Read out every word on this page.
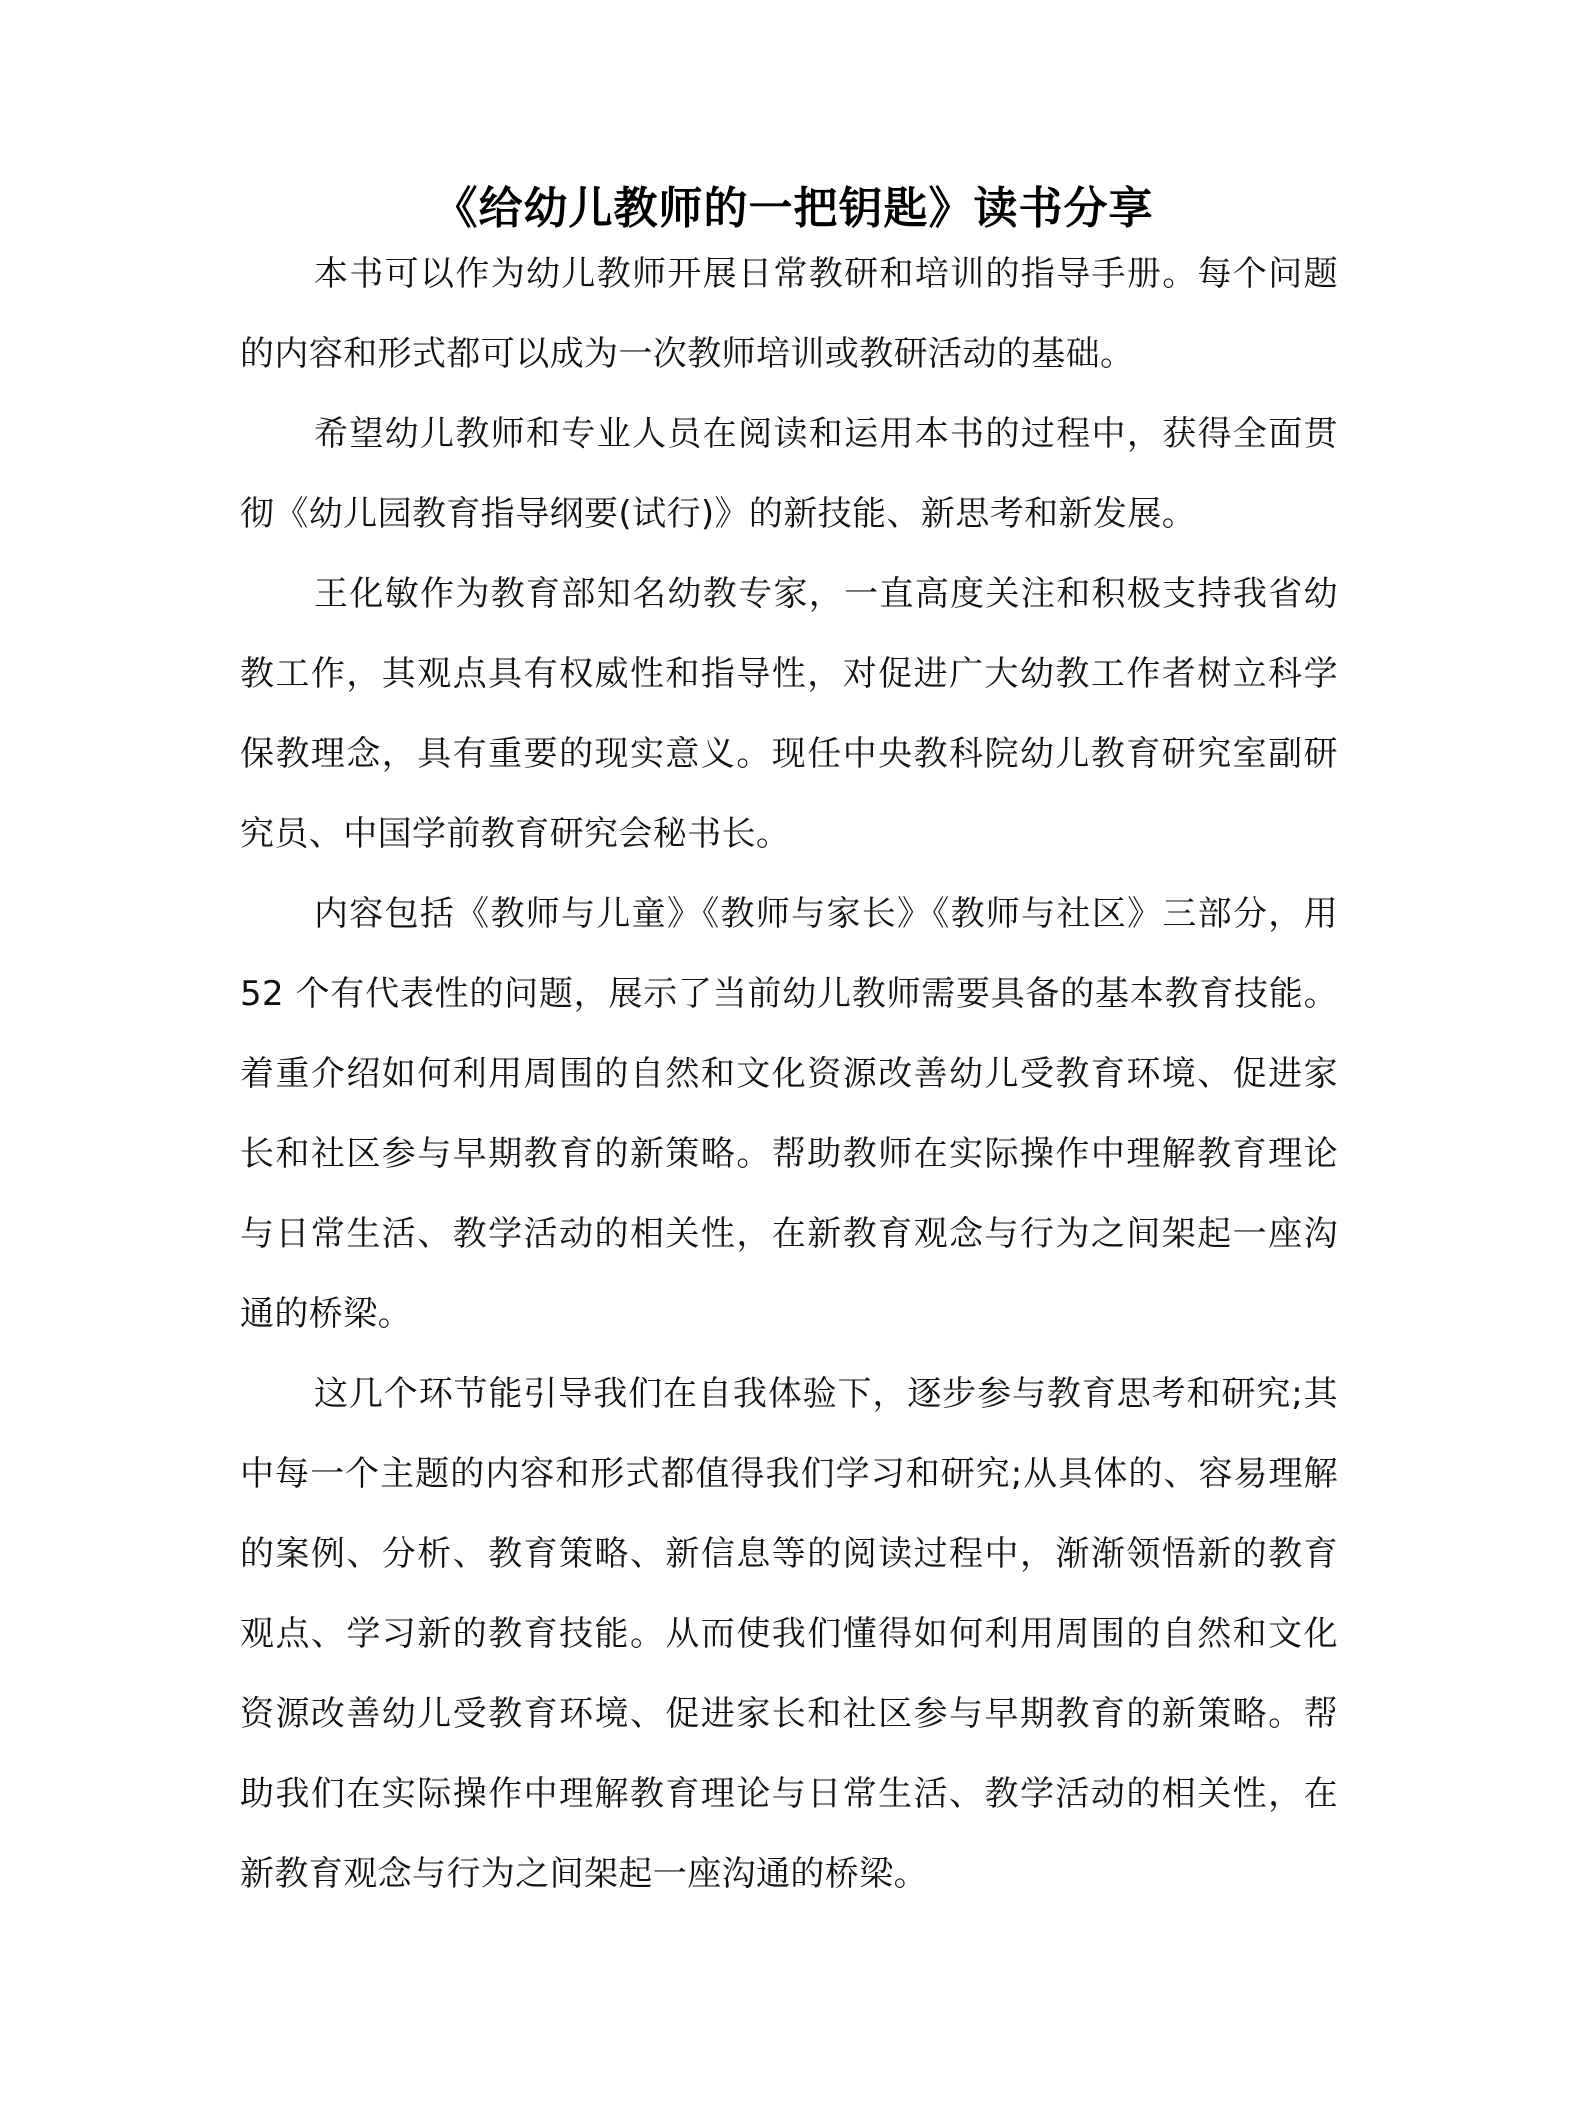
《给幼儿教师的一把钥匙》读书分享

本书可以作为幼儿教师开展日常教研和培训的指导手册。每个问题的内容和形式都可以成为一次教师培训或教研活动的基础。

希望幼儿教师和专业人员在阅读和运用本书的过程中，获得全面贯彻《幼儿园教育指导纲要(试行)》的新技能、新思考和新发展。

王化敏作为教育部知名幼教专家，一直高度关注和积极支持我省幼教工作，其观点具有权威性和指导性，对促进广大幼教工作者树立科学保教理念，具有重要的现实意义。现任中央教科院幼儿教育研究室副研究员、中国学前教育研究会秘书长。

内容包括《教师与儿童》《教师与家长》《教师与社区》三部分，用 52 个有代表性的问题，展示了当前幼儿教师需要具备的基本教育技能。着重介绍如何利用周围的自然和文化资源改善幼儿受教育环境、促进家长和社区参与早期教育的新策略。帮助教师在实际操作中理解教育理论与日常生活、教学活动的相关性，在新教育观念与行为之间架起一座沟通的桥梁。

这几个环节能引导我们在自我体验下，逐步参与教育思考和研究;其中每一个主题的内容和形式都值得我们学习和研究;从具体的、容易理解的案例、分析、教育策略、新信息等的阅读过程中，渐渐领悟新的教育观点、学习新的教育技能。从而使我们懂得如何利用周围的自然和文化资源改善幼儿受教育环境、促进家长和社区参与早期教育的新策略。帮助我们在实际操作中理解教育理论与日常生活、教学活动的相关性，在新教育观念与行为之间架起一座沟通的桥梁。
